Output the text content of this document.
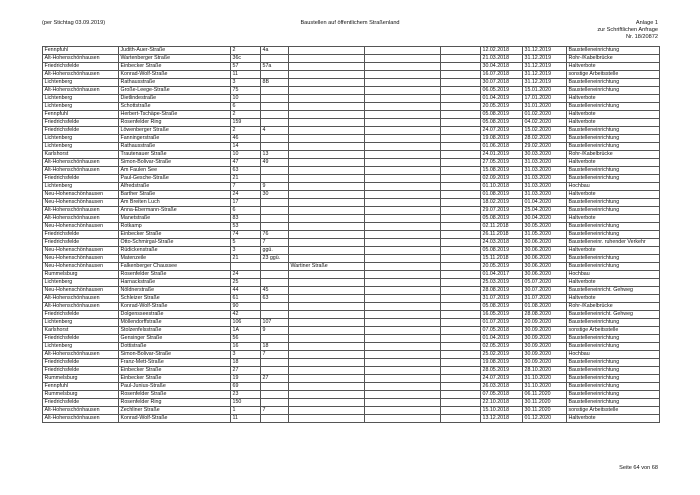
(per Stichtag 03.09.2019)	Baustellen auf öffentlichem Straßenland	Anlage 1
zur Schriftlichen Anfrage
Nr. 18/20872
Fennpfuhl	Judith-Auer-Straße	2	4a				12.02.2018	31.12.2019	Baustelleneinrichtung
Alt-Hohenschönhausen	Wartenberger Straße	36c					21.03.2018	31.12.2019	Rohr-/Kabelbrücke
Friedrichsfelde	Einbecker Straße	57	57a				30.04.2018	31.12.2019	Haltverbote
Alt-Hohenschönhausen	Konrad-Wolf-Straße	11					16.07.2018	31.12.2019	sonstige Arbeitsstelle
Lichtenberg	Rathausstraße	3	8B				30.07.2018	31.12.2019	Baustelleneinrichtung
Alt-Hohenschönhausen	Große-Leege-Straße	75					06.05.2019	15.01.2020	Baustelleneinrichtung
Lichtenberg	Dietlindestraße	10					01.04.2019	17.01.2020	Haltverbote
Lichtenberg	Schottstraße	6					20.05.2019	31.01.2020	Baustelleneinrichtung
Fennpfuhl	Herbert-Tschäpe-Straße	2					05.08.2019	01.02.2020	Haltverbote
Friedrichsfelde	Rosenfelder Ring	159					05.08.2019	04.02.2020	Haltverbote
Friedrichsfelde	Löwenberger Straße	2	4				24.07.2019	15.02.2020	Baustelleneinrichtung
Lichtenberg	Fanningerstraße	46					19.08.2019	28.02.2020	Baustelleneinrichtung
Lichtenberg	Rathausstraße	14					01.06.2018	29.02.2020	Baustelleneinrichtung
Karlshorst	Trautenauer Straße	10	13				24.01.2019	30.03.2020	Rohr-/Kabelbrücke
Alt-Hohenschönhausen	Simon-Bolivar-Straße	47	49				27.05.2019	31.03.2020	Haltverbote
Alt-Hohenschönhausen	Am Faulen See	63					15.08.2019	31.03.2020	Baustelleneinrichtung
Friedrichsfelde	Paul-Gesche-Straße	21					02.09.2019	31.03.2020	Baustelleneinrichtung
Lichtenberg	Alfredstraße	7	9				01.10.2018	31.03.2020	Hochbau
Neu-Hohenschönhausen	Barther Straße	24	30				01.08.2019	31.03.2020	Haltverbote
Neu-Hohenschönhausen	Am Breiten Luch	17					18.02.2019	01.04.2020	Baustelleneinrichtung
Alt-Hohenschönhausen	Anna-Ebermann-Straße	6					29.07.2019	25.04.2020	Baustelleneinrichtung
Alt-Hohenschönhausen	Manetstraße	83					05.08.2019	30.04.2020	Haltverbote
Neu-Hohenschönhausen	Rotkamp	53					02.11.2018	30.05.2020	Baustelleneinrichtung
Friedrichsfelde	Einbecker Straße	74	76				26.11.2018	31.05.2020	Baustelleneinrichtung
Friedrichsfelde	Otto-Schmirgal-Straße	5	7				24.03.2018	30.06.2020	Baustelleneinr. ruhender Verkehr
Neu-Hohenschönhausen	Rüdickenstraße	3	ggü.				05.08.2019	30.06.2020	Haltverbote
Neu-Hohenschönhausen	Matenzeile	21	23 ggü.				15.11.2018	30.06.2020	Baustelleneinrichtung
Neu-Hohenschönhausen	Falkenberger Chaussee			Wartiner Straße			20.05.2019	30.06.2020	Baustelleneinrichtung
Rummelsburg	Rosenfelder Straße	24					01.04.2017	30.06.2020	Hochbau
Lichtenberg	Harnackstraße	25					25.03.2019	05.07.2020	Haltverbote
Neu-Hohenschönhausen	Nöldnerstraße	44	45				28.08.2019	30.07.2020	Baustelleneinricht. Gehweg
Alt-Hohenschönhausen	Schleizer Straße	61	63				31.07.2019	31.07.2020	Haltverbote
Alt-Hohenschönhausen	Konrad-Wolf-Straße	90					05.08.2019	01.08.2020	Rohr-/Kabelbrücke
Friedrichsfelde	Dolgensseestraße	42					16.05.2019	28.08.2020	Baustelleneinricht. Gehweg
Lichtenberg	Möllendorffstraße	106	107				01.07.2019	20.09.2020	Baustelleneinrichtung
Karlshorst	Stolzenfelsstraße	1A	9				07.05.2018	30.09.2020	sonstige Arbeitsstelle
Friedrichsfelde	Gensinger Straße	56					01.04.2019	30.09.2020	Baustelleneinrichtung
Lichtenberg	Dottistraße	16	18				02.05.2019	30.09.2020	Baustelleneinrichtung
Alt-Hohenschönhausen	Simon-Bolivar-Straße	3	7				25.02.2019	30.09.2020	Hochbau
Friedrichsfelde	Franz-Mett-Straße	18					19.08.2019	30.09.2020	Baustelleneinrichtung
Friedrichsfelde	Einbecker Straße	27					28.05.2019	28.10.2020	Baustelleneinrichtung
Rummelsburg	Einbecker Straße	19	27				24.07.2019	31.10.2020	Baustelleneinrichtung
Fennpfuhl	Paul-Junius-Straße	69					26.03.2018	31.10.2020	Baustelleneinrichtung
Rummelsburg	Rosenfelder Straße	23					07.05.2018	06.11.2020	Baustelleneinrichtung
Friedrichsfelde	Rosenfelder Ring	150					22.10.2018	30.11.2020	Baustelleneinrichtung
Alt-Hohenschönhausen	Zechliner Straße	1	7				15.10.2018	30.11.2020	sonstige Arbeitsstelle
Alt-Hohenschönhausen	Konrad-Wolf-Straße	11					13.12.2018	01.12.2020	Haltverbote
Seite 64 von 68
